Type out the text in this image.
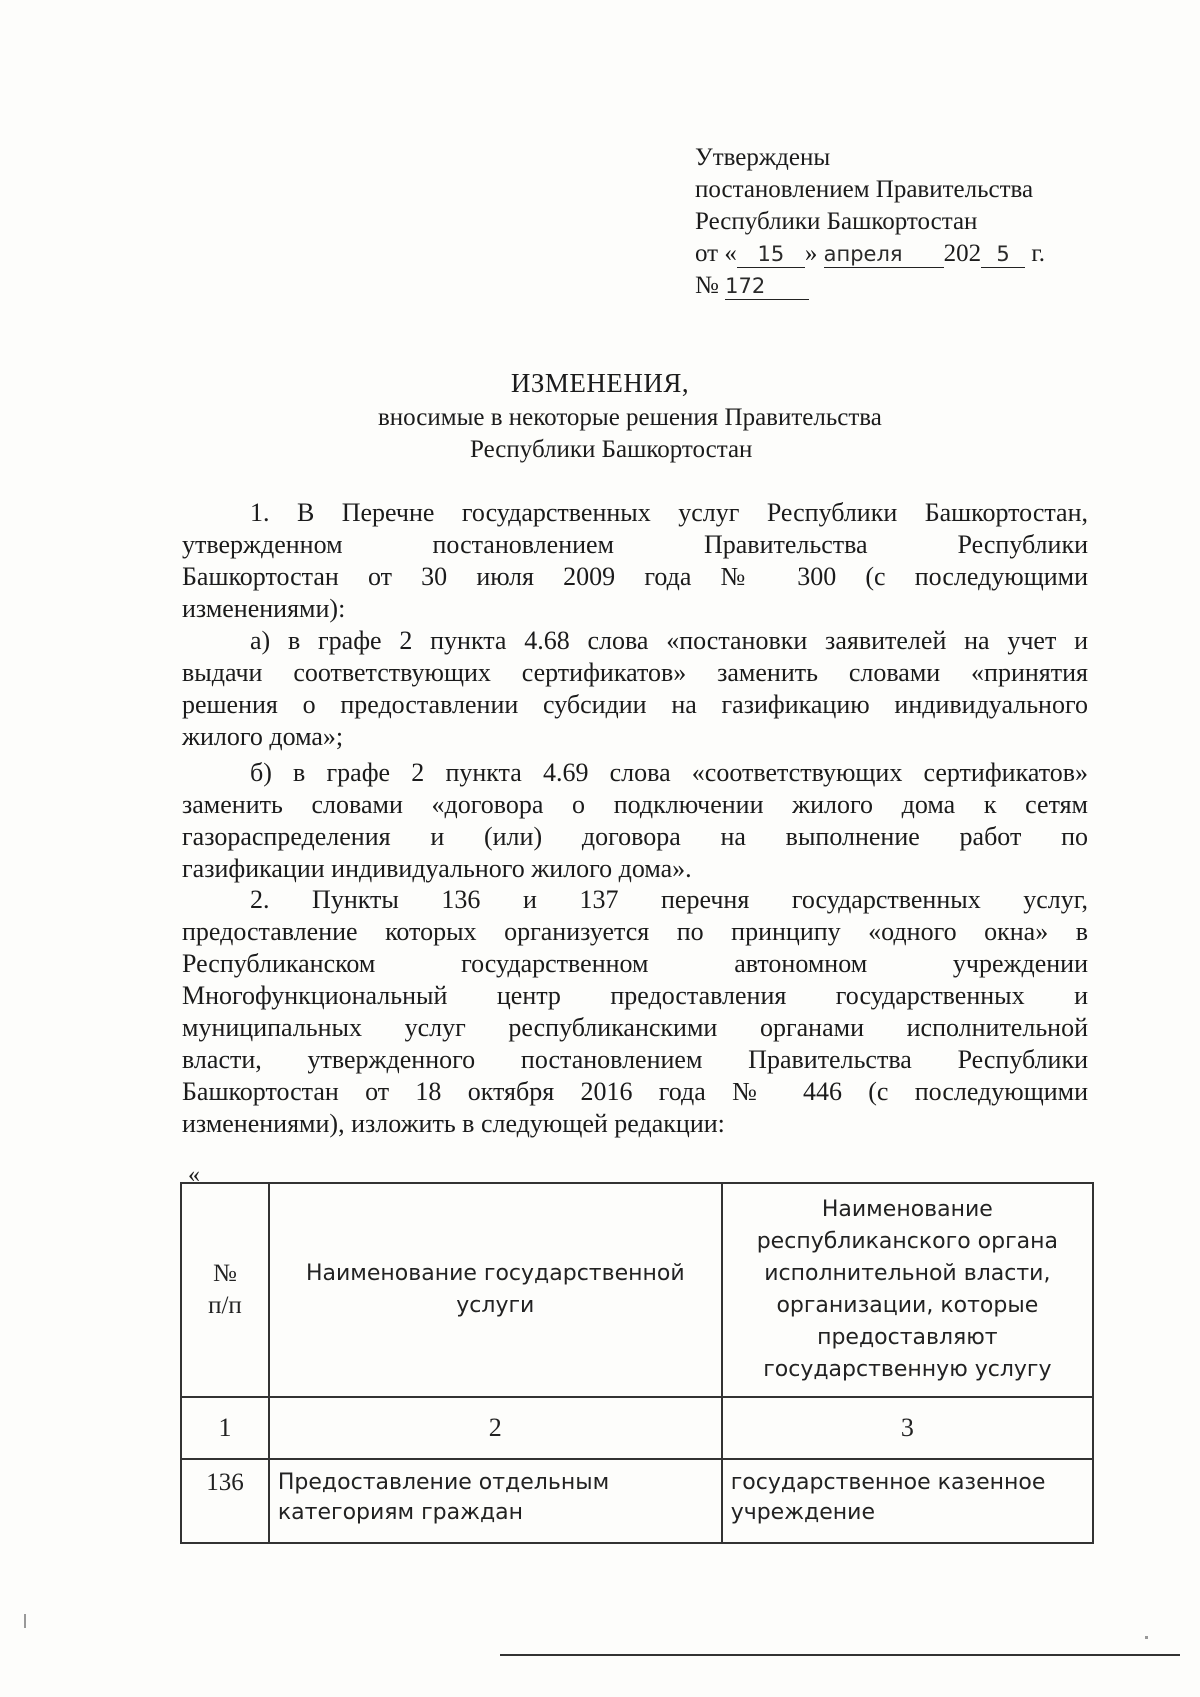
Утверждены
постановлением Правительства
Республики Башкортостан
от « 15 » апреля 202 5 г.
№ 172
ИЗМЕНЕНИЯ,
вносимые в некоторые решения Правительства
Республики Башкортостан
1. В Перечне государственных услуг Республики Башкортостан,
утвержденном постановлением Правительства Республики
Башкортостан от 30 июля 2009 года № 300 (с последующими
изменениями):
а) в графе 2 пункта 4.68 слова «постановки заявителей на учет и
выдачи соответствующих сертификатов» заменить словами «принятия
решения о предоставлении субсидии на газификацию индивидуального
жилого дома»;
б) в графе 2 пункта 4.69 слова «соответствующих сертификатов»
заменить словами «договора о подключении жилого дома к сетям
газораспределения и (или) договора на выполнение работ по
газификации индивидуального жилого дома».
2. Пункты 136 и 137 перечня государственных услуг,
предоставление которых организуется по принципу «одного окна» в
Республиканском государственном автономном учреждении
Многофункциональный центр предоставления государственных и
муниципальных услуг республиканскими органами исполнительной
власти, утвержденного постановлением Правительства Республики
Башкортостан от 18 октября 2016 года № 446 (с последующими
изменениями), изложить в следующей редакции:
«
№ п/п	Наименование государственной услуги	Наименование республиканского органа исполнительной власти, организации, которые предоставляют государственную услугу
1	2	3
136	Предоставление отдельным категориям граждан	государственное казенное учреждение
